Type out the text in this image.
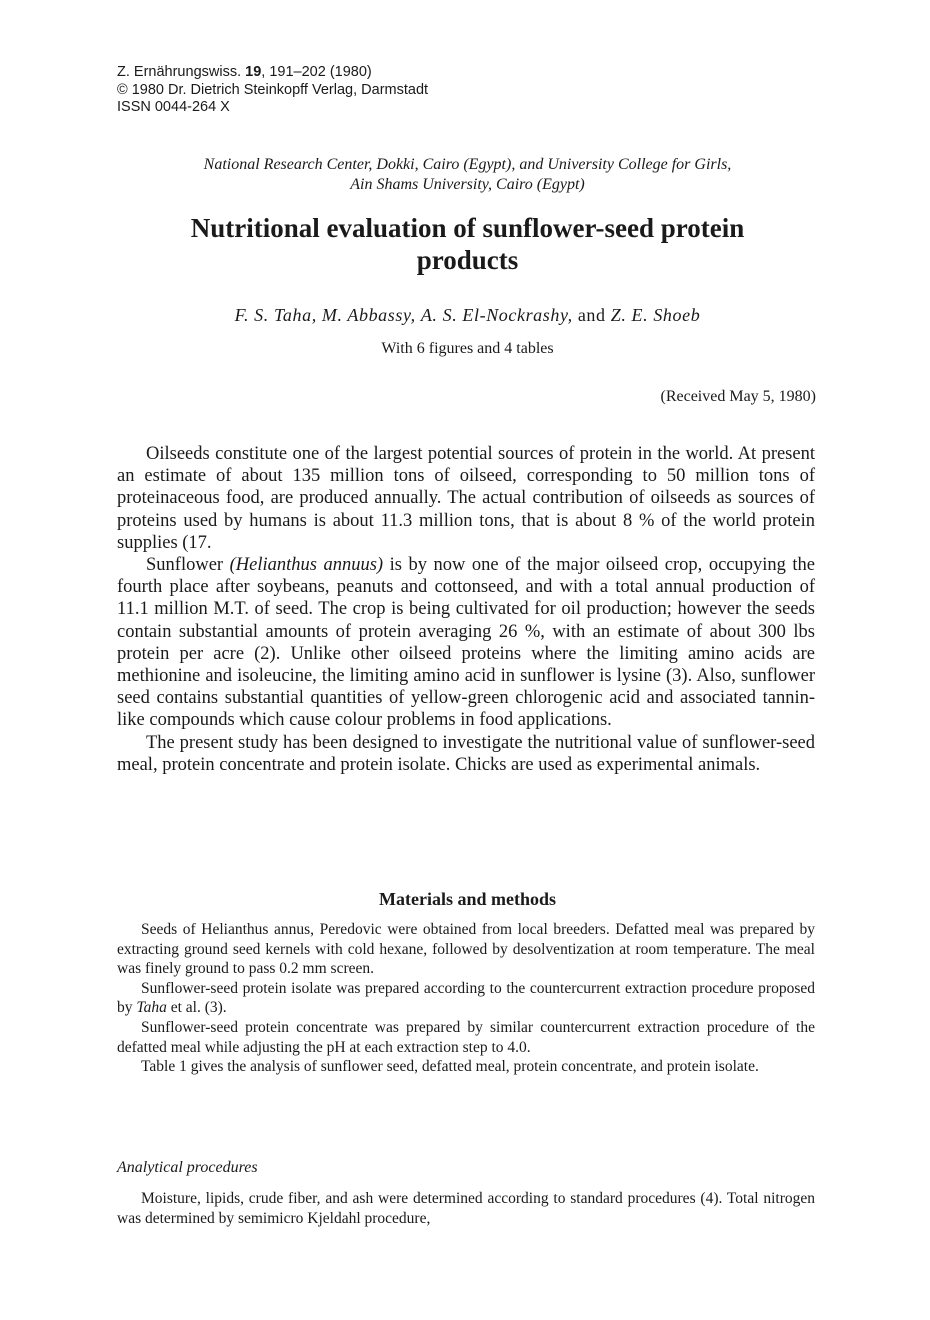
Z. Ernährungswiss. 19, 191–202 (1980)
© 1980 Dr. Dietrich Steinkopff Verlag, Darmstadt
ISSN 0044-264 X
National Research Center, Dokki, Cairo (Egypt), and University College for Girls,
Ain Shams University, Cairo (Egypt)
Nutritional evaluation of sunflower-seed protein
products
F. S. Taha, M. Abbassy, A. S. El-Nockrashy, and Z. E. Shoeb
With 6 figures and 4 tables
(Received May 5, 1980)

Oilseeds constitute one of the largest potential sources of protein in the world. At present an estimate of about 135 million tons of oilseed, corresponding to 50 million tons of proteinaceous food, are produced annually. The actual contribution of oilseeds as sources of proteins used by humans is about 11.3 million tons, that is about 8 % of the world protein supplies (17.

Sunflower (Helianthus annuus) is by now one of the major oilseed crop, occupying the fourth place after soybeans, peanuts and cottonseed, and with a total annual production of 11.1 million M.T. of seed. The crop is being cultivated for oil production; however the seeds contain substantial amounts of protein averaging 26 %, with an estimate of about 300 lbs protein per acre (2). Unlike other oilseed proteins where the limiting amino acids are methionine and isoleucine, the limiting amino acid in sunflower is lysine (3). Also, sunflower seed contains substantial quantities of yellow-green chlorogenic acid and associated tannin-like compounds which cause colour problems in food applications.

The present study has been designed to investigate the nutritional value of sunflower-seed meal, protein concentrate and protein isolate. Chicks are used as experimental animals.

Materials and methods

Seeds of Helianthus annus, Peredovic were obtained from local breeders. Defatted meal was prepared by extracting ground seed kernels with cold hexane, followed by desolventization at room temperature. The meal was finely ground to pass 0.2 mm screen.

Sunflower-seed protein isolate was prepared according to the countercurrent extraction procedure proposed by Taha et al. (3).

Sunflower-seed protein concentrate was prepared by similar countercurrent extraction procedure of the defatted meal while adjusting the pH at each extraction step to 4.0.

Table 1 gives the analysis of sunflower seed, defatted meal, protein concentrate, and protein isolate.

Analytical procedures

Moisture, lipids, crude fiber, and ash were determined according to standard procedures (4). Total nitrogen was determined by semimicro Kjeldahl procedure,
